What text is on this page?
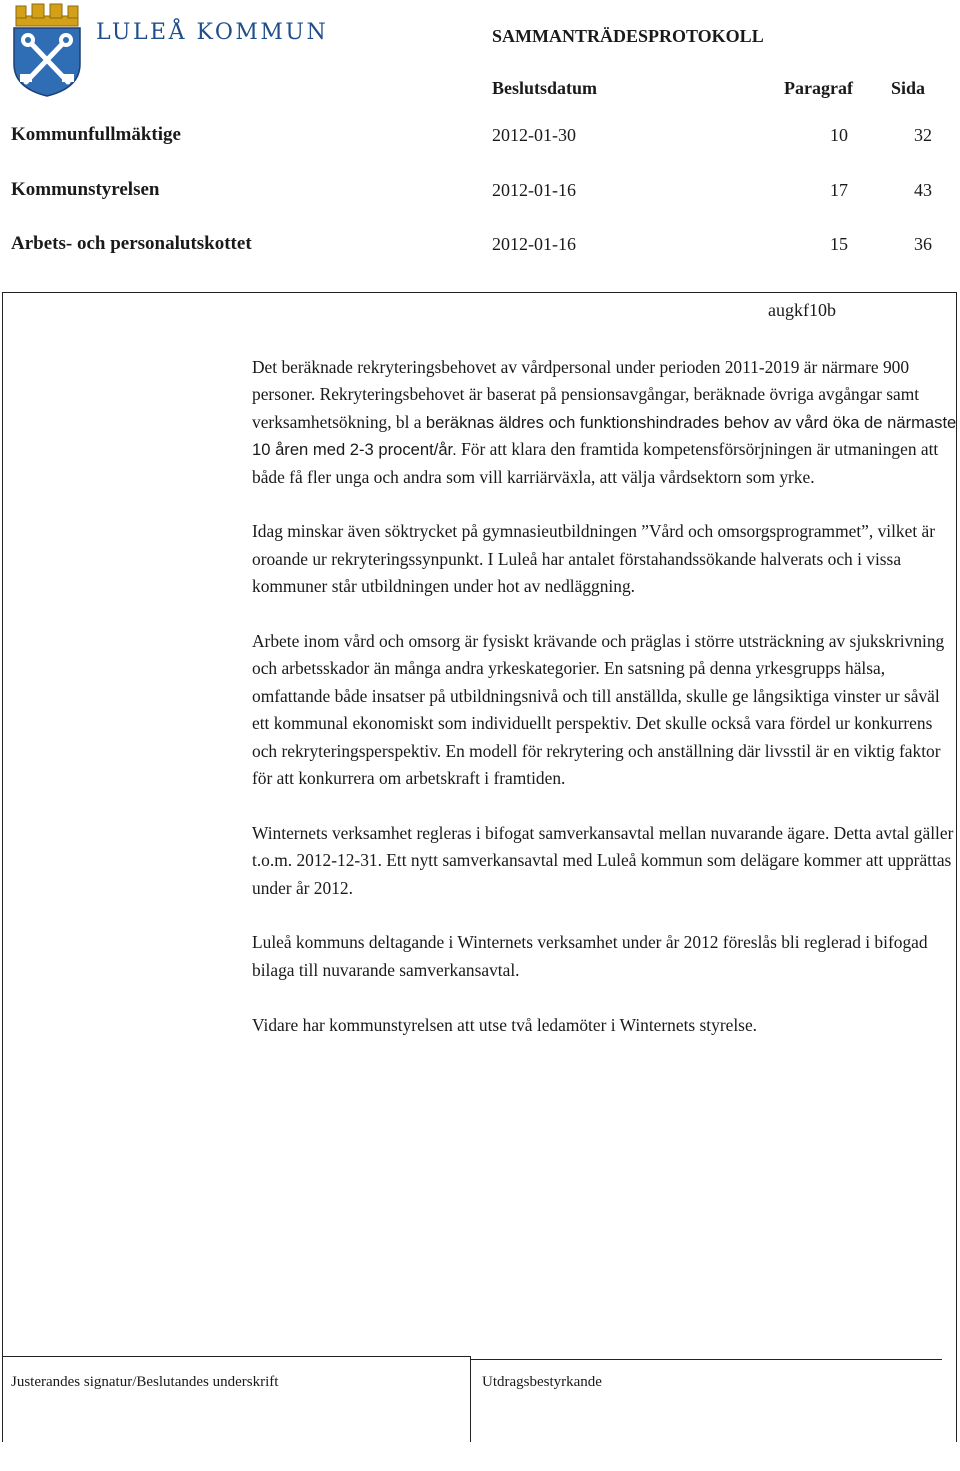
LULEÅ KOMMUN	SAMMANTRÄDESPROTOKOLL
Beslutsdatum	Paragraf Sida
Kommunfullmäktige	2012-01-30	10	32
Kommunstyrelsen	2012-01-16	17	43
Arbets- och personalutskottet	2012-01-16	15	36
augkf10b

Det beräknade rekryteringsbehovet av vårdpersonal under perioden 2011-2019 är närmare 900 personer. Rekryteringsbehovet är baserat på pensionsavgångar, beräknade övriga avgångar samt verksamhetsökning, bl a beräknas äldres och funktionshindrades behov av vård öka de närmaste 10 åren med 2-3 procent/år. För att klara den framtida kompetensförsörjningen är utmaningen att både få fler unga och andra som vill karriärväxla, att välja vårdsektorn som yrke.

Idag minskar även söktrycket på gymnasieutbildningen ”Vård och omsorgsprogrammet”, vilket är oroande ur rekryteringssynpunkt. I Luleå har antalet förstahandssökande halverats och i vissa kommuner står utbildningen under hot av nedläggning.

Arbete inom vård och omsorg är fysiskt krävande och präglas i större utsträckning av sjukskrivning och arbetsskador än många andra yrkeskategorier. En satsning på denna yrkesgrupps hälsa, omfattande både insatser på utbildningsnivå och till anställda, skulle ge långsiktiga vinster ur såväl ett kommunal ekonomiskt som individuellt perspektiv. Det skulle också vara fördel ur konkurrens och rekryteringsperspektiv. En modell för rekrytering och anställning där livsstil är en viktig faktor för att konkurrera om arbetskraft i framtiden.

Winternets verksamhet regleras i bifogat samverkansavtal mellan nuvarande ägare. Detta avtal gäller t.o.m. 2012-12-31. Ett nytt samverkansavtal med Luleå kommun som delägare kommer att upprättas under år 2012.

Luleå kommuns deltagande i Winternets verksamhet under år 2012 föreslås bli reglerad i bifogad bilaga till nuvarande samverkansavtal.

Vidare har kommunstyrelsen att utse två ledamöter i Winternets styrelse.

Justerandes signatur/Beslutandes underskrift	Utdragsbestyrkande
